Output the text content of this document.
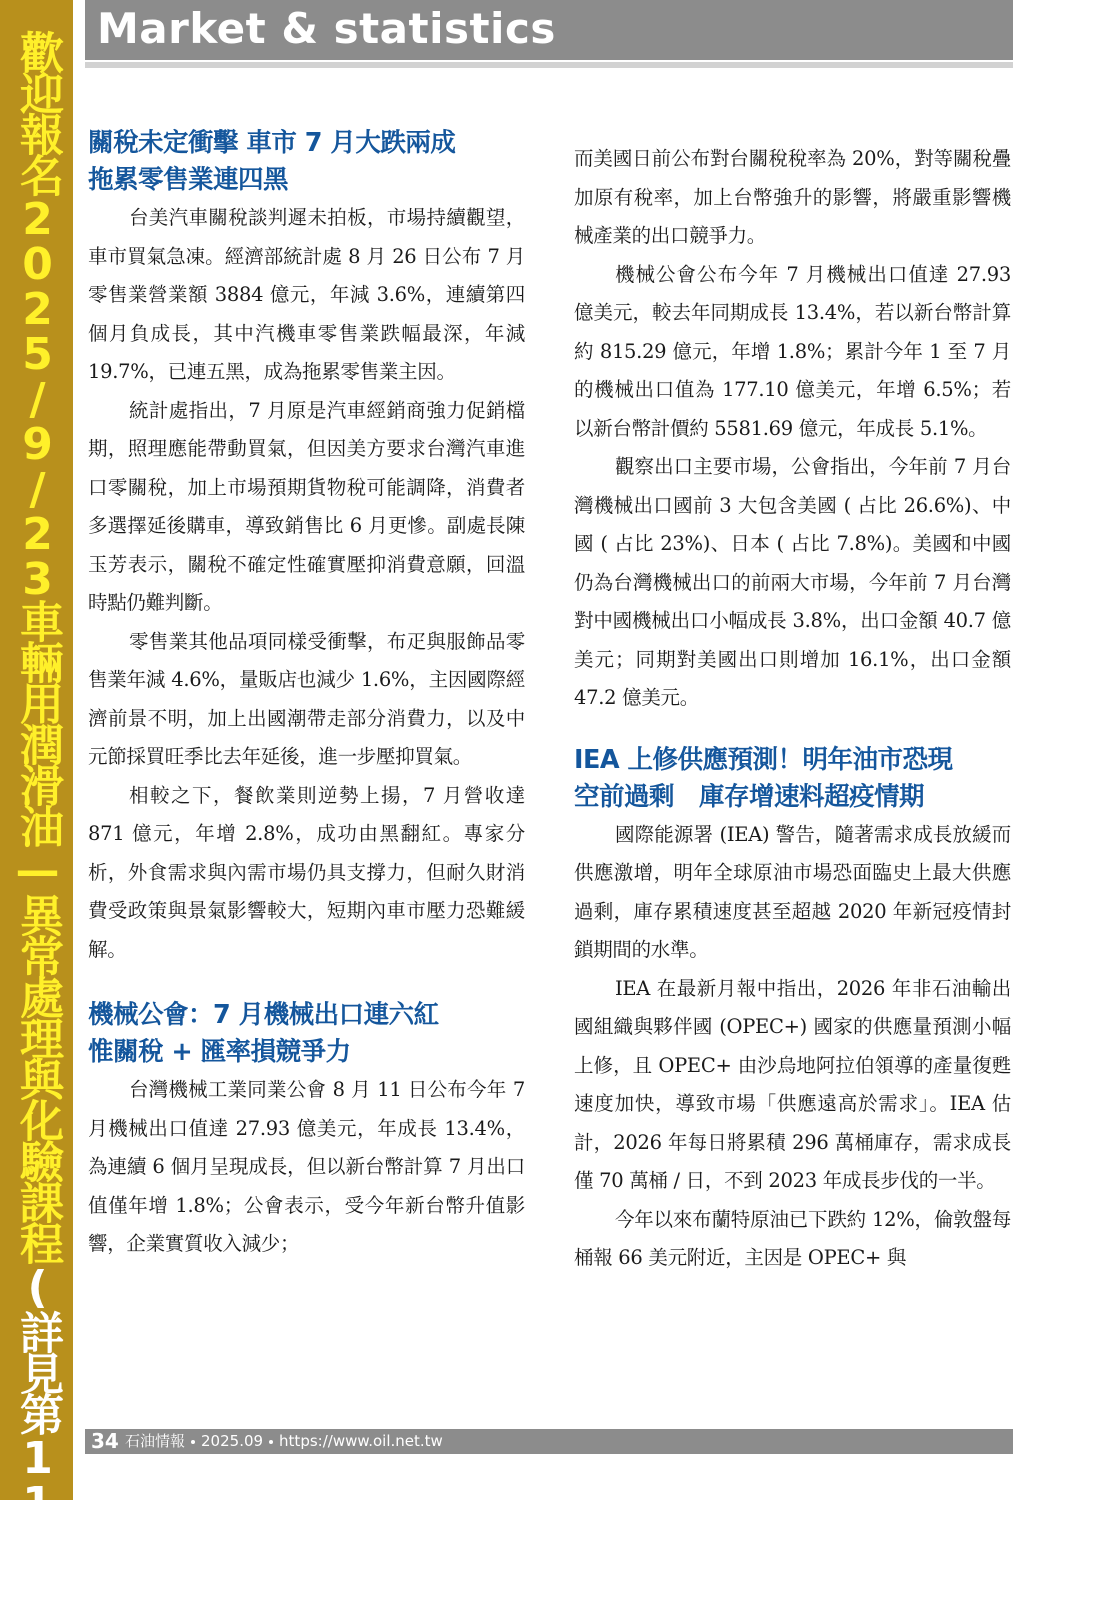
歡迎報名2025/9/23車輛用潤滑油—異常處理與化驗課程(詳見第11頁)
Market & statistics
關稅未定衝擊 車市 7 月大跌兩成
拖累零售業連四黑

台美汽車關稅談判遲未拍板，市場持續觀望，車市買氣急凍。經濟部統計處 8 月 26 日公布 7 月零售業營業額 3884 億元，年減 3.6%，連續第四個月負成長，其中汽機車零售業跌幅最深，年減 19.7%，已連五黑，成為拖累零售業主因。

統計處指出，7 月原是汽車經銷商強力促銷檔期，照理應能帶動買氣，但因美方要求台灣汽車進口零關稅，加上市場預期貨物稅可能調降，消費者多選擇延後購車，導致銷售比 6 月更慘。副處長陳玉芳表示，關稅不確定性確實壓抑消費意願，回溫時點仍難判斷。

零售業其他品項同樣受衝擊，布疋與服飾品零售業年減 4.6%，量販店也減少 1.6%，主因國際經濟前景不明，加上出國潮帶走部分消費力，以及中元節採買旺季比去年延後，進一步壓抑買氣。

相較之下，餐飲業則逆勢上揚，7 月營收達 871 億元，年增 2.8%，成功由黑翻紅。專家分析，外食需求與內需市場仍具支撐力，但耐久財消費受政策與景氣影響較大，短期內車市壓力恐難緩解。

機械公會：7 月機械出口連六紅
惟關稅 + 匯率損競爭力

台灣機械工業同業公會 8 月 11 日公布今年 7 月機械出口值達 27.93 億美元，年成長 13.4%，為連續 6 個月呈現成長，但以新台幣計算 7 月出口值僅年增 1.8%；公會表示，受今年新台幣升值影響，企業實質收入減少；

而美國日前公布對台關稅稅率為 20%，對等關稅疊加原有稅率，加上台幣強升的影響，將嚴重影響機械產業的出口競爭力。

機械公會公布今年 7 月機械出口值達 27.93 億美元，較去年同期成長 13.4%，若以新台幣計算約 815.29 億元，年增 1.8%；累計今年 1 至 7 月的機械出口值為 177.10 億美元，年增 6.5%；若以新台幣計價約 5581.69 億元，年成長 5.1%。

觀察出口主要市場，公會指出，今年前 7 月台灣機械出口國前 3 大包含美國 ( 占比 26.6%)、中國 ( 占比 23%)、日本 ( 占比 7.8%)。美國和中國仍為台灣機械出口的前兩大市場，今年前 7 月台灣對中國機械出口小幅成長 3.8%，出口金額 40.7 億美元；同期對美國出口則增加 16.1%，出口金額 47.2 億美元。

IEA 上修供應預測！明年油市恐現
空前過剩　庫存增速料超疫情期

國際能源署 (IEA) 警告，隨著需求成長放緩而供應激增，明年全球原油市場恐面臨史上最大供應過剩，庫存累積速度甚至超越 2020 年新冠疫情封鎖期間的水準。

IEA 在最新月報中指出，2026 年非石油輸出國組織與夥伴國 (OPEC+) 國家的供應量預測小幅上修，且 OPEC+ 由沙烏地阿拉伯領導的產量復甦速度加快，導致市場「供應遠高於需求」。IEA 估計，2026 年每日將累積 296 萬桶庫存，需求成長僅 70 萬桶 / 日，不到 2023 年成長步伐的一半。

今年以來布蘭特原油已下跌約 12%，倫敦盤每桶報 66 美元附近，主因是 OPEC+ 與

34 石油情報 2025.09 https://www.oil.net.tw
